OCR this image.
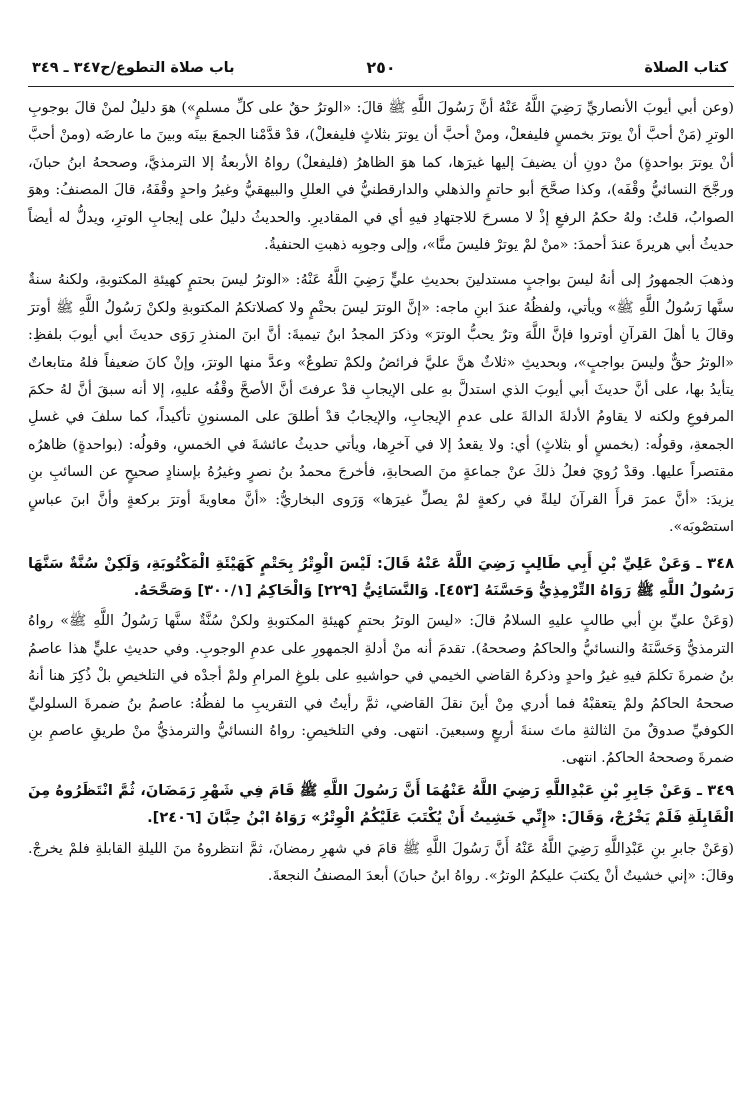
كتاب الصلاة
٢٥٠
باب صلاة التطوع/ح٣٤٧ ـ ٣٤٩

(وعن أبي أيوبَ الأنصاريِّ رَضِيَ اللَّهُ عَنْهُ أنَّ رَسُولَ اللَّهِ ﷺ قالَ: «الوترُ حقٌ على كلِّ مسلمٍ») هوَ دليلٌ لمنْ قالَ بوجوبِ الوترِ (مَنْ أحبَّ أنْ يوترَ بخمسٍ فليفعلْ، ومنْ أحبَّ أن يوترَ بثلاثٍ فليفعلْ)، قدْ قدَّمْنا الجمعَ بينَه وبينَ ما عارضَه (ومنْ أحبَّ أنْ يوترَ بواحدةٍ) منْ دونِ أن يضيفَ إليها غيرَها، كما هوَ الظاهرُ (فليفعلْ) رواهُ الأربعةُ إلا الترمذيَّ، وصححهُ ابنُ حبانَ، ورجَّحَ النسائيُّ وقْفَه)، وكذا صحَّحَ أبو حاتمٍ والذهلي والدارقطنيُّ في العللِ والبيهقيُّ وغيرُ واحدٍ وقْفَهُ، قالَ المصنفُ: وهوَ الصوابُ، قلتُ: ولهُ حكمُ الرفعِ إذْ لا مسرحَ للاجتهادِ فيهِ أي في المقاديرِ. والحديثُ دليلٌ على إيجابِ الوترِ، ويدلُّ له أيضاً حديثُ أبي هريرةَ عندَ أحمدَ: «منْ لمْ يوترْ فليسَ منَّا»، وإلى وجوبِه ذهبتِ الحنفيةُ.

وذهبَ الجمهورُ إلى أنهُ ليسَ بواجبٍ مستدلينَ بحديثِ عليٍّ رَضِيَ اللَّهُ عَنْهُ: «الوترُ ليسَ بحتمٍ كهيئةِ المكتوبةِ، ولكنهُ سنةٌ سنَّها رَسُولُ اللَّهِ ﷺ» ويأتي، ولفظُهُ عندَ ابنِ ماجه: «إنَّ الوترَ ليسَ بحتْمٍ ولا كصلاتكمُ المكتوبةِ ولكنْ رَسُولُ اللَّهِ ﷺ أوترَ وقالَ يا أهلَ القرآنِ أوتروا فإنَّ اللَّهَ وترٌ يحبُّ الوترَ» وذكرَ المجدُ ابنُ تيميةَ: أنَّ ابنَ المنذرِ رَوَى حديثَ أبي أيوبَ بلفظِ: «الوترُ حقٌّ وليسَ بواجبٍ»، وبحديثِ «ثلاثٌ هنَّ عليَّ فرائضُ ولكمْ تطوعٌ» وعدَّ منها الوترَ، وإنْ كانَ ضعيفاً فلهُ متابعاتٌ يتأيدُ بها، على أنَّ حديثَ أبي أيوبَ الذي استدلَّ بهِ على الإيجابِ قدْ عرفتَ أنَّ الأصحَّ وقْفُه عليهِ، إلا أنه سبقَ أنَّ لهُ حكمَ المرفوعِ ولكنه لا يقاومُ الأدلةَ الدالةَ على عدمِ الإيجابِ، والإيجابُ قدْ أطلقَ على المسنونِ تأكيداً، كما سلفَ في غسلِ الجمعةِ، وقولُه: (بخمسٍ أو بثلاثٍ) أي: ولا يقعدُ إلا في آخرِها، ويأتي حديثُ عائشةَ في الخمسِ، وقولُه: (بواحدةٍ) ظاهرُه مقتصراً عليها. وقدْ رُويَ فعلُ ذلكَ عنْ جماعةٍ منَ الصحابةِ، فأخرجَ محمدُ بنُ نصرٍ وغيرُهُ بإسنادٍ صحيحٍ عن السائبِ بنِ يزيدَ: «أنَّ عمرَ قرأَ القرآنَ ليلةً في ركعةٍ لمْ يصلِّ غيرَها» وَرَوى البخاريُّ: «أنَّ معاويةَ أوترَ بركعةٍ وأنَّ ابنَ عباسٍ استصْوبَه».

٣٤٨ ـ وَعَنْ عَلِيِّ بْنِ أَبِي طَالِبٍ رَضِيَ اللَّهُ عَنْهُ قَالَ: لَيْسَ الْوِتْرُ بِحَتْمٍ كَهَيْئَةِ الْمَكْتُوبَةِ، وَلَكِنْ سُنَّةٌ سَنَّهَا رَسُولُ اللَّهِ ﷺ رَوَاهُ التِّرْمِذِيُّ وَحَسَّنَهُ [٤٥٣]. وَالنَّسَائِيُّ [٢٢٩] وَالْحَاكِمُ [٣٠٠/١] وَصَحَّحَهُ.

(وَعَنْ عليِّ بنِ أبي طالبٍ عليهِ السلامُ قالَ: «ليسَ الوترُ بحتمٍ كهيئةِ المكتوبةِ ولكنْ سُنَّةٌ سنَّها رَسُولُ اللَّهِ ﷺ» رواهُ الترمذيُّ وَحَسَّنَهُ والنسائيُّ والحاكمُ وصححهُ). تقدمَ أنه منْ أدلةِ الجمهورِ على عدمِ الوجوبِ. وفي حديثِ عليٍّ هذا عاصمُ بنُ ضمرةَ تكلمَ فيهِ غيرُ واحدٍ وذكرهُ القاضي الخيمي في حواشيهِ على بلوغِ المرامِ ولمْ أجدْه في التلخيصِ بلْ ذُكِرَ هنا أنهُ صححهُ الحاكمُ ولمْ يتعقبْهُ فما أدري مِنْ أينَ نقلَ القاضي، ثمَّ رأيتُ في التقريبِ ما لفظُهُ: عاصمُ بنُ ضمرةَ السلوليِّ الكوفيِّ صدوقٌ منَ الثالثةِ ماتَ سنةَ أربعٍ وسبعينَ. انتهى. وفي التلخيصِ: رواهُ النسائيُّ والترمذيُّ منْ طريقِ عاصمِ بنِ ضمرةَ وصححهُ الحاكمُ. انتهى.

٣٤٩ ـ وَعَنْ جَابِرِ بْنِ عَبْدِاللَّهِ رَضِيَ اللَّهُ عَنْهُمَا أَنَّ رَسُولَ اللَّهِ ﷺ قَامَ فِي شَهْرِ رَمَضَانَ، ثُمَّ انْتَظَرُوهُ مِنَ الْقَابِلَةِ فَلَمْ يَخْرُجْ، وَقَالَ: «إِنِّي خَشِيتُ أَنْ يُكْتَبَ عَلَيْكُمُ الْوِتْرُ» رَوَاهُ ابْنُ حِبَّانَ [٢٤٠٦].

(وَعَنْ جابرِ بنِ عَبْدِاللَّهِ رَضِيَ اللَّهُ عَنْهُ أَنَّ رَسُولَ اللَّهِ ﷺ قامَ في شهرِ رمضانَ، ثمَّ انتظروهُ منَ الليلةِ القابلةِ فلمْ يخرجْ. وقالَ: «إني خشيتُ أنْ يكتبَ عليكمُ الوترُ». رواهُ ابنُ حبانَ) أبعدَ المصنفُ النجعةَ.
